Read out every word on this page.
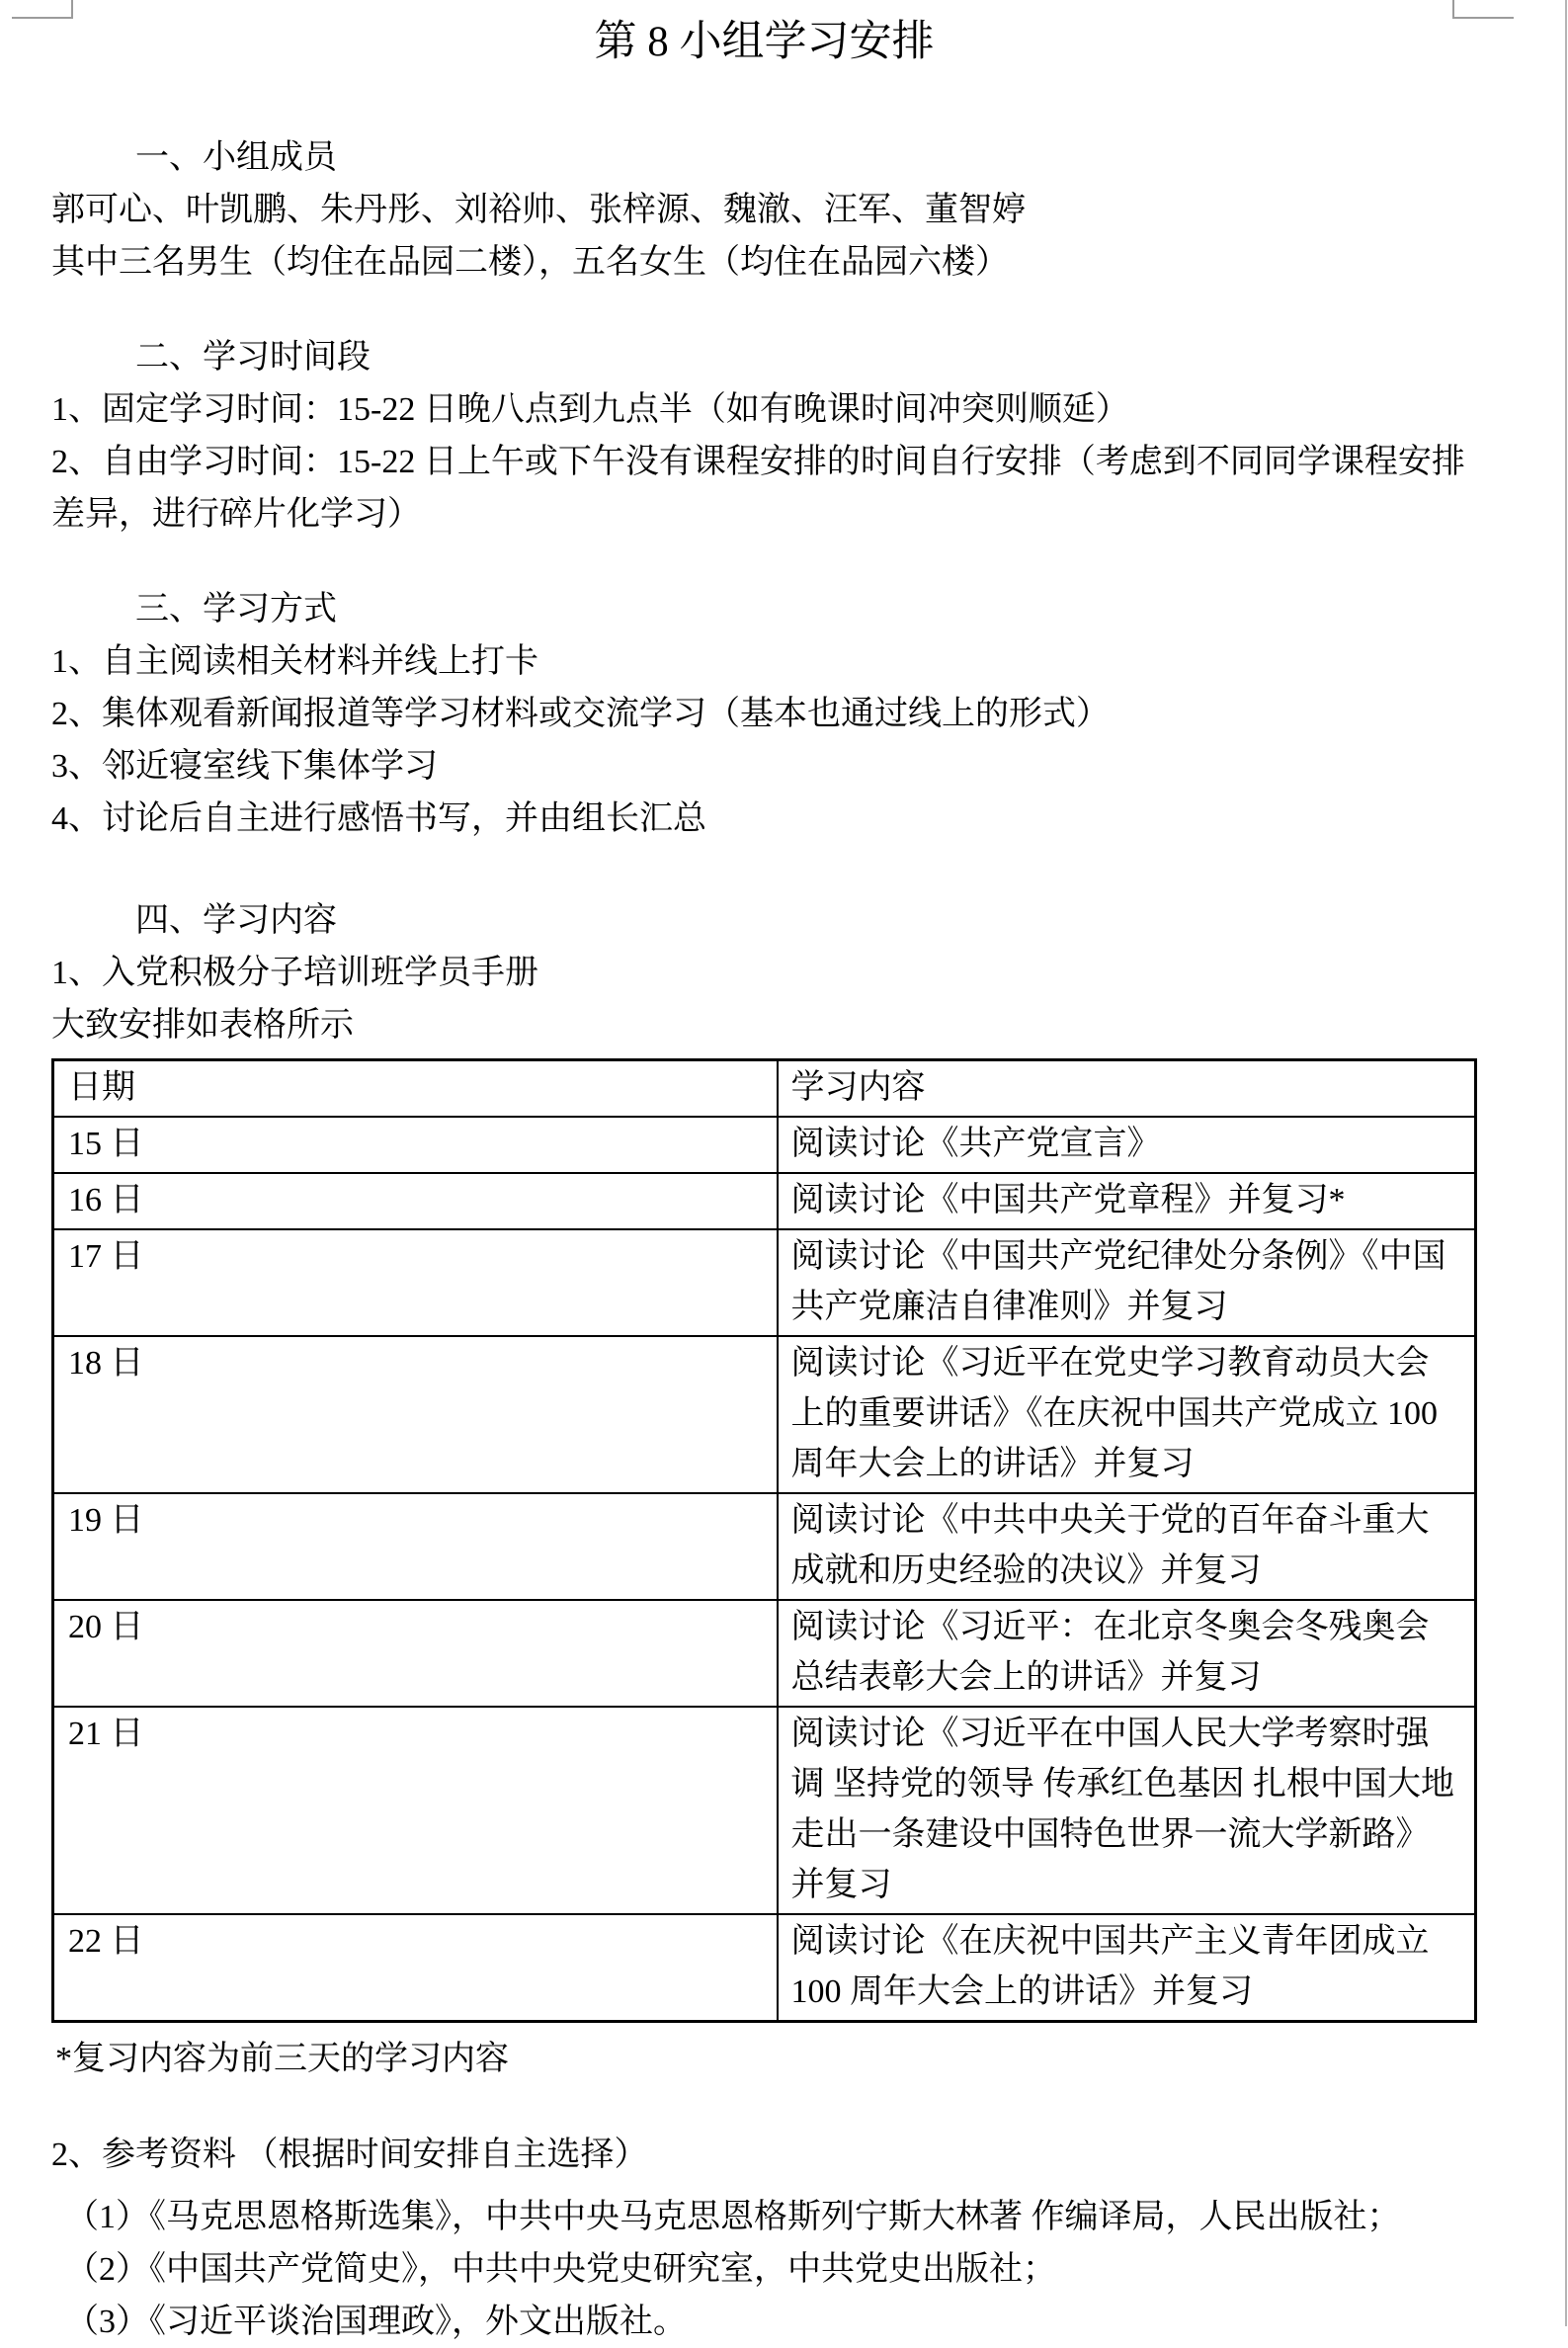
第 8 小组学习安排
一、小组成员
郭可心、叶凯鹏、朱丹彤、刘裕帅、张梓源、魏澈、汪军、董智婷
其中三名男生（均住在品园二楼），五名女生（均住在品园六楼）
二、学习时间段
1、固定学习时间：15-22 日晚八点到九点半（如有晚课时间冲突则顺延）
2、自由学习时间：15-22 日上午或下午没有课程安排的时间自行安排（考虑到不同同学课程安排差异，进行碎片化学习）
三、学习方式
1、自主阅读相关材料并线上打卡
2、集体观看新闻报道等学习材料或交流学习（基本也通过线上的形式）
3、邻近寝室线下集体学习
4、讨论后自主进行感悟书写，并由组长汇总
四、学习内容
1、入党积极分子培训班学员手册
大致安排如表格所示
日期	学习内容
15 日	阅读讨论《共产党宣言》
16 日	阅读讨论《中国共产党章程》并复习*
17 日	阅读讨论《中国共产党纪律处分条例》《中国共产党廉洁自律准则》并复习
18 日	阅读讨论《习近平在党史学习教育动员大会上的重要讲话》《在庆祝中国共产党成立 100 周年大会上的讲话》并复习
19 日	阅读讨论《中共中央关于党的百年奋斗重大成就和历史经验的决议》并复习
20 日	阅读讨论《习近平：在北京冬奥会冬残奥会总结表彰大会上的讲话》并复习
21 日	阅读讨论《习近平在中国人民大学考察时强调 坚持党的领导 传承红色基因 扎根中国大地 走出一条建设中国特色世界一流大学新路》并复习
22 日	阅读讨论《在庆祝中国共产主义青年团成立 100 周年大会上的讲话》并复习
*复习内容为前三天的学习内容
2、参考资料 （根据时间安排自主选择）
（1）《马克思恩格斯选集》，中共中央马克思恩格斯列宁斯大林著 作编译局，人民出版社；
（2）《中国共产党简史》，中共中央党史研究室，中共党史出版社；
（3）《习近平谈治国理政》，外文出版社。
